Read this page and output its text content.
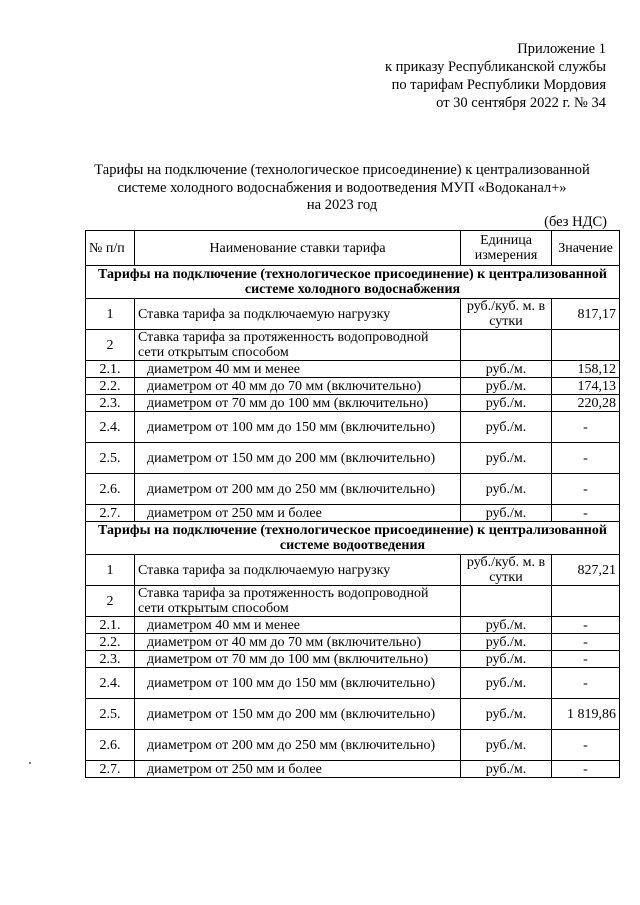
Приложение 1
к приказу Республиканской службы
по тарифам Республики Мордовия
от 30 сентября 2022 г. № 34
Тарифы на подключение (технологическое присоединение) к централизованной
системе холодного водоснабжения и водоотведения МУП «Водоканал+»
на 2023 год
(без НДС)
№ п/п	Наименование ставки тарифа	Единица измерения	Значение
Тарифы на подключение (технологическое присоединение) к централизованной системе холодного водоснабжения			
1	Ставка тарифа за подключаемую нагрузку	руб./куб. м. в сутки	817,17
2	Ставка тарифа за протяженность водопроводной сети открытым способом		
2.1.	диаметром 40 мм и менее	руб./м.	158,12
2.2.	диаметром от 40 мм до 70 мм (включительно)	руб./м.	174,13
2.3.	диаметром от 70 мм до 100 мм (включительно)	руб./м.	220,28
2.4.	диаметром от 100 мм до 150 мм (включительно)	руб./м.	-
2.5.	диаметром от 150 мм до 200 мм (включительно)	руб./м.	-
2.6.	диаметром от 200 мм до 250 мм (включительно)	руб./м.	-
2.7.	диаметром от 250 мм и более	руб./м.	-
Тарифы на подключение (технологическое присоединение) к централизованной системе водоотведения			
1	Ставка тарифа за подключаемую нагрузку	руб./куб. м. в сутки	827,21
2	Ставка тарифа за протяженность водопроводной сети открытым способом		
2.1.	диаметром 40 мм и менее	руб./м.	-
2.2.	диаметром от 40 мм до 70 мм (включительно)	руб./м.	-
2.3.	диаметром от 70 мм до 100 мм (включительно)	руб./м.	-
2.4.	диаметром от 100 мм до 150 мм (включительно)	руб./м.	-
2.5.	диаметром от 150 мм до 200 мм (включительно)	руб./м.	1 819,86
2.6.	диаметром от 200 мм до 250 мм (включительно)	руб./м.	-
2.7.	диаметром от 250 мм и более	руб./м.	-
